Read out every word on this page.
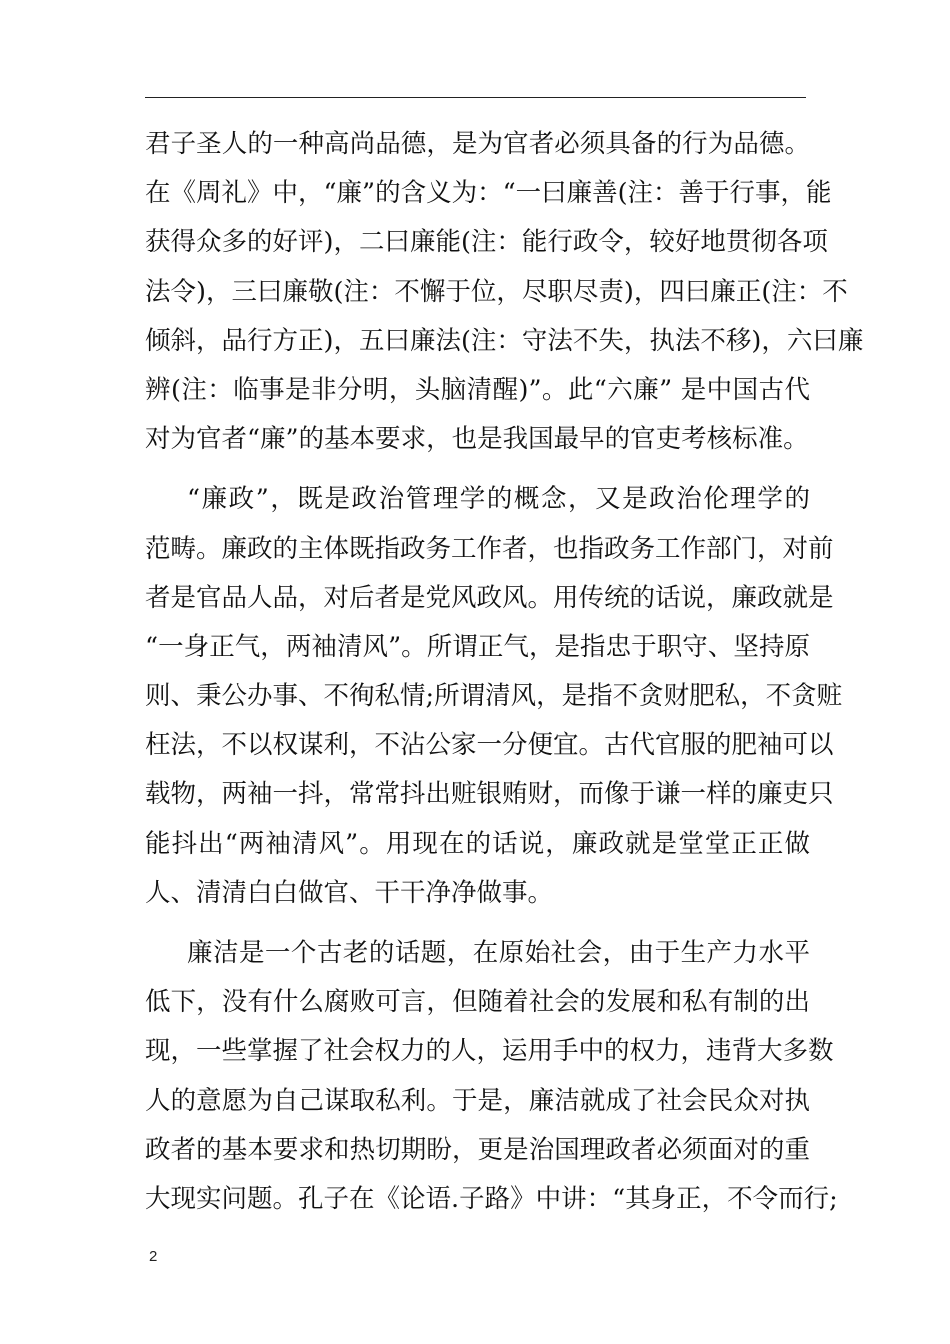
君子圣人的一种高尚品德，是为官者必须具备的行为品德。
在《周礼》中，“廉”的含义为：“一曰廉善(注：善于行事，能
获得众多的好评)，二曰廉能(注：能行政令，较好地贯彻各项
法令)，三曰廉敬(注：不懈于位，尽职尽责)，四曰廉正(注：不
倾斜，品行方正)，五曰廉法(注：守法不失，执法不移)，六曰廉
辨(注：临事是非分明，头脑清醒)”。此“六廉” 是中国古代
对为官者“廉”的基本要求，也是我国最早的官吏考核标准。
“廉政”，既是政治管理学的概念，又是政治伦理学的
范畴。廉政的主体既指政务工作者，也指政务工作部门，对前
者是官品人品，对后者是党风政风。用传统的话说，廉政就是
“一身正气，两袖清风”。所谓正气，是指忠于职守、坚持原
则、秉公办事、不徇私情;所谓清风，是指不贪财肥私，不贪赃
枉法，不以权谋利，不沾公家一分便宜。古代官服的肥袖可以
载物，两袖一抖，常常抖出赃银贿财，而像于谦一样的廉吏只
能抖出“两袖清风”。用现在的话说，廉政就是堂堂正正做
人、清清白白做官、干干净净做事。
廉洁是一个古老的话题，在原始社会，由于生产力水平
低下，没有什么腐败可言，但随着社会的发展和私有制的出
现，一些掌握了社会权力的人，运用手中的权力，违背大多数
人的意愿为自己谋取私利。于是，廉洁就成了社会民众对执
政者的基本要求和热切期盼，更是治国理政者必须面对的重
大现实问题。孔子在《论语.子路》中讲：“其身正，不令而行;
2
